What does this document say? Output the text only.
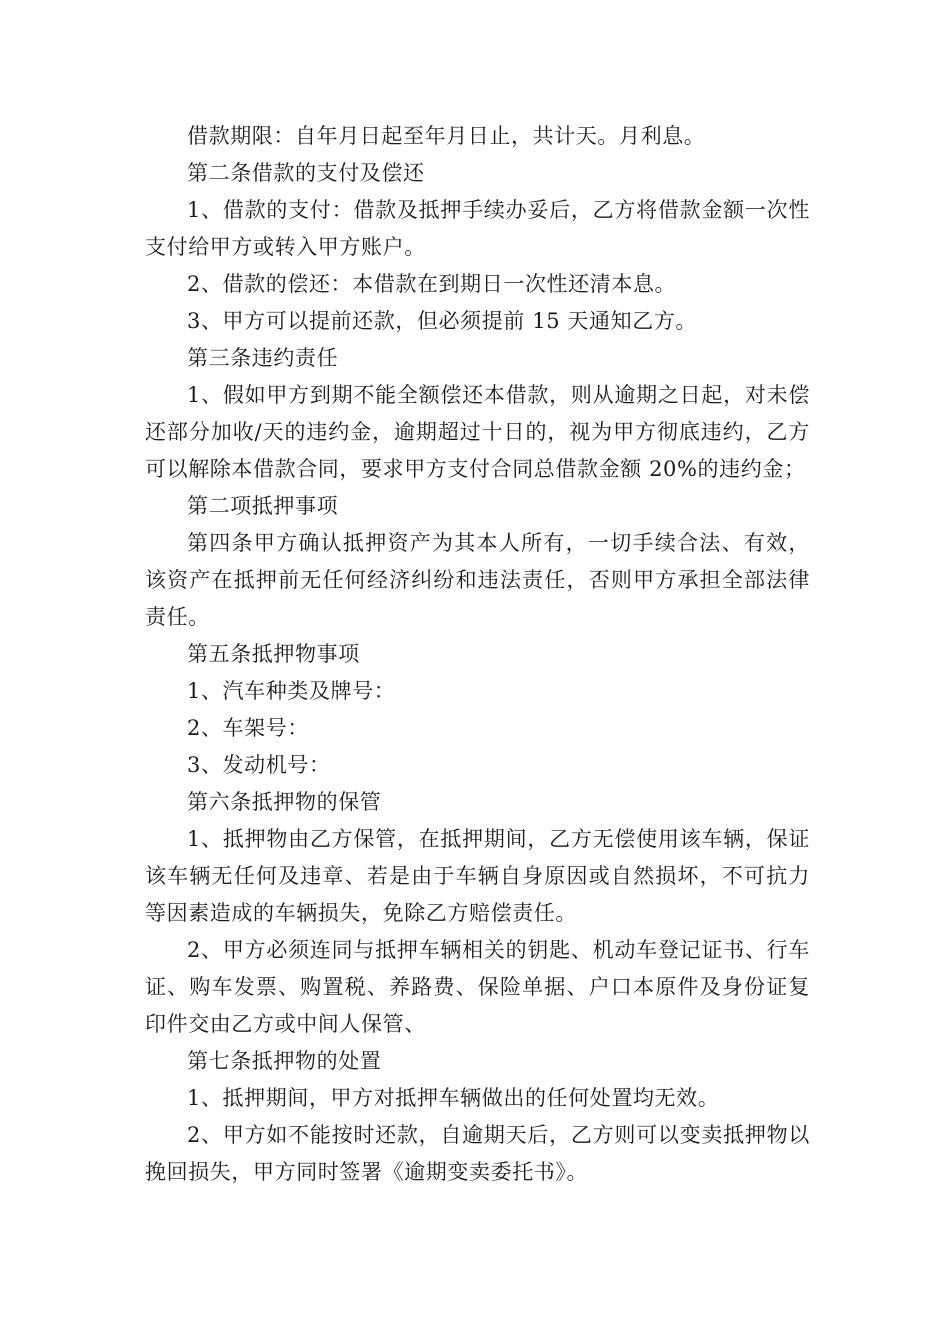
借款期限：自年月日起至年月日止，共计天。月利息。

第二条借款的支付及偿还

1、借款的支付：借款及抵押手续办妥后，乙方将借款金额一次性支付给甲方或转入甲方账户。

2、借款的偿还：本借款在到期日一次性还清本息。

3、甲方可以提前还款，但必须提前 15 天通知乙方。

第三条违约责任

1、假如甲方到期不能全额偿还本借款，则从逾期之日起，对未偿还部分加收/天的违约金，逾期超过十日的，视为甲方彻底违约，乙方可以解除本借款合同，要求甲方支付合同总借款金额 20%的违约金；

第二项抵押事项

第四条甲方确认抵押资产为其本人所有，一切手续合法、有效，该资产在抵押前无任何经济纠纷和违法责任，否则甲方承担全部法律责任。

第五条抵押物事项

1、汽车种类及牌号：

2、车架号：

3、发动机号：

第六条抵押物的保管

1、抵押物由乙方保管，在抵押期间，乙方无偿使用该车辆，保证该车辆无任何及违章、若是由于车辆自身原因或自然损坏，不可抗力等因素造成的车辆损失，免除乙方赔偿责任。

2、甲方必须连同与抵押车辆相关的钥匙、机动车登记证书、行车证、购车发票、购置税、养路费、保险单据、户口本原件及身份证复印件交由乙方或中间人保管、

第七条抵押物的处置

1、抵押期间，甲方对抵押车辆做出的任何处置均无效。

2、甲方如不能按时还款，自逾期天后，乙方则可以变卖抵押物以挽回损失，甲方同时签署《逾期变卖委托书》。
